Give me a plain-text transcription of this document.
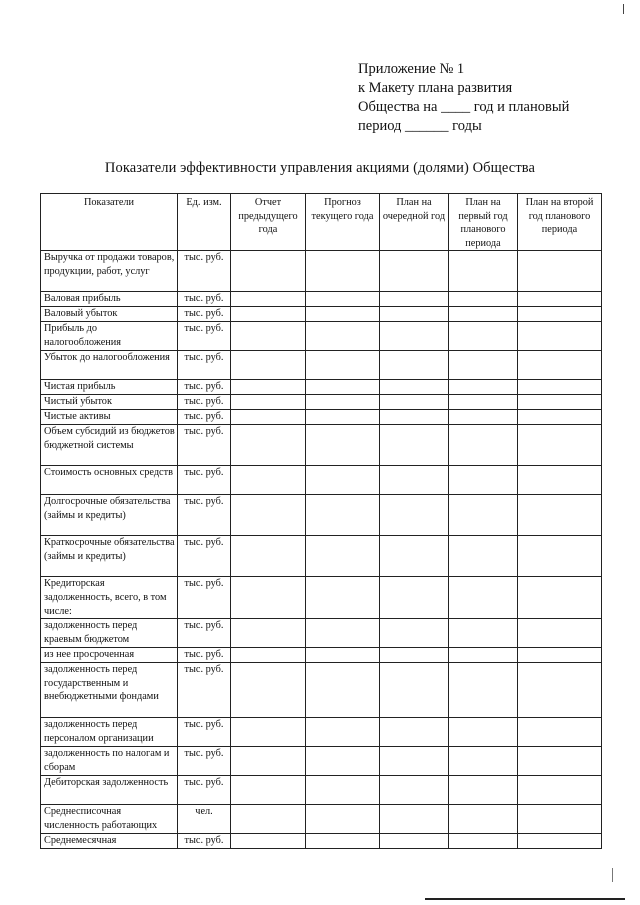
Приложение № 1
к Макету плана развития
Общества на ____ год и плановый
период ______ годы
Показатели эффективности управления акциями (долями) Общества
Показатели	Ед. изм.	Отчет предыдущего года	Прогноз текущего года	План на очередной год	План на первый год планового периода	План на второй год планового периода
Выручка от продажи товаров, продукции, работ, услуг	тыс. руб.					
Валовая прибыль	тыс. руб.					
Валовый убыток	тыс. руб.					
Прибыль до налогообложения	тыс. руб.					
Убыток до налогообложения	тыс. руб.					
Чистая прибыль	тыс. руб.					
Чистый убыток	тыс. руб.					
Чистые активы	тыс. руб.					
Объем субсидий из бюджетов бюджетной системы	тыс. руб.					
Стоимость основных средств	тыс. руб.					
Долгосрочные обязательства (займы и кредиты)	тыс. руб.					
Краткосрочные обязательства (займы и кредиты)	тыс. руб.					
Кредиторская задолженность, всего, в том числе:	тыс. руб.					
задолженность перед краевым бюджетом	тыс. руб.					
из нее просроченная	тыс. руб.					
задолженность перед государственным и внебюджетными фондами	тыс. руб.					
задолженность перед персоналом организации	тыс. руб.					
задолженность по налогам и сборам	тыс. руб.					
Дебиторская задолженность	тыс. руб.					
Среднесписочная численность работающих	чел.					
Среднемесячная	тыс. руб.					
